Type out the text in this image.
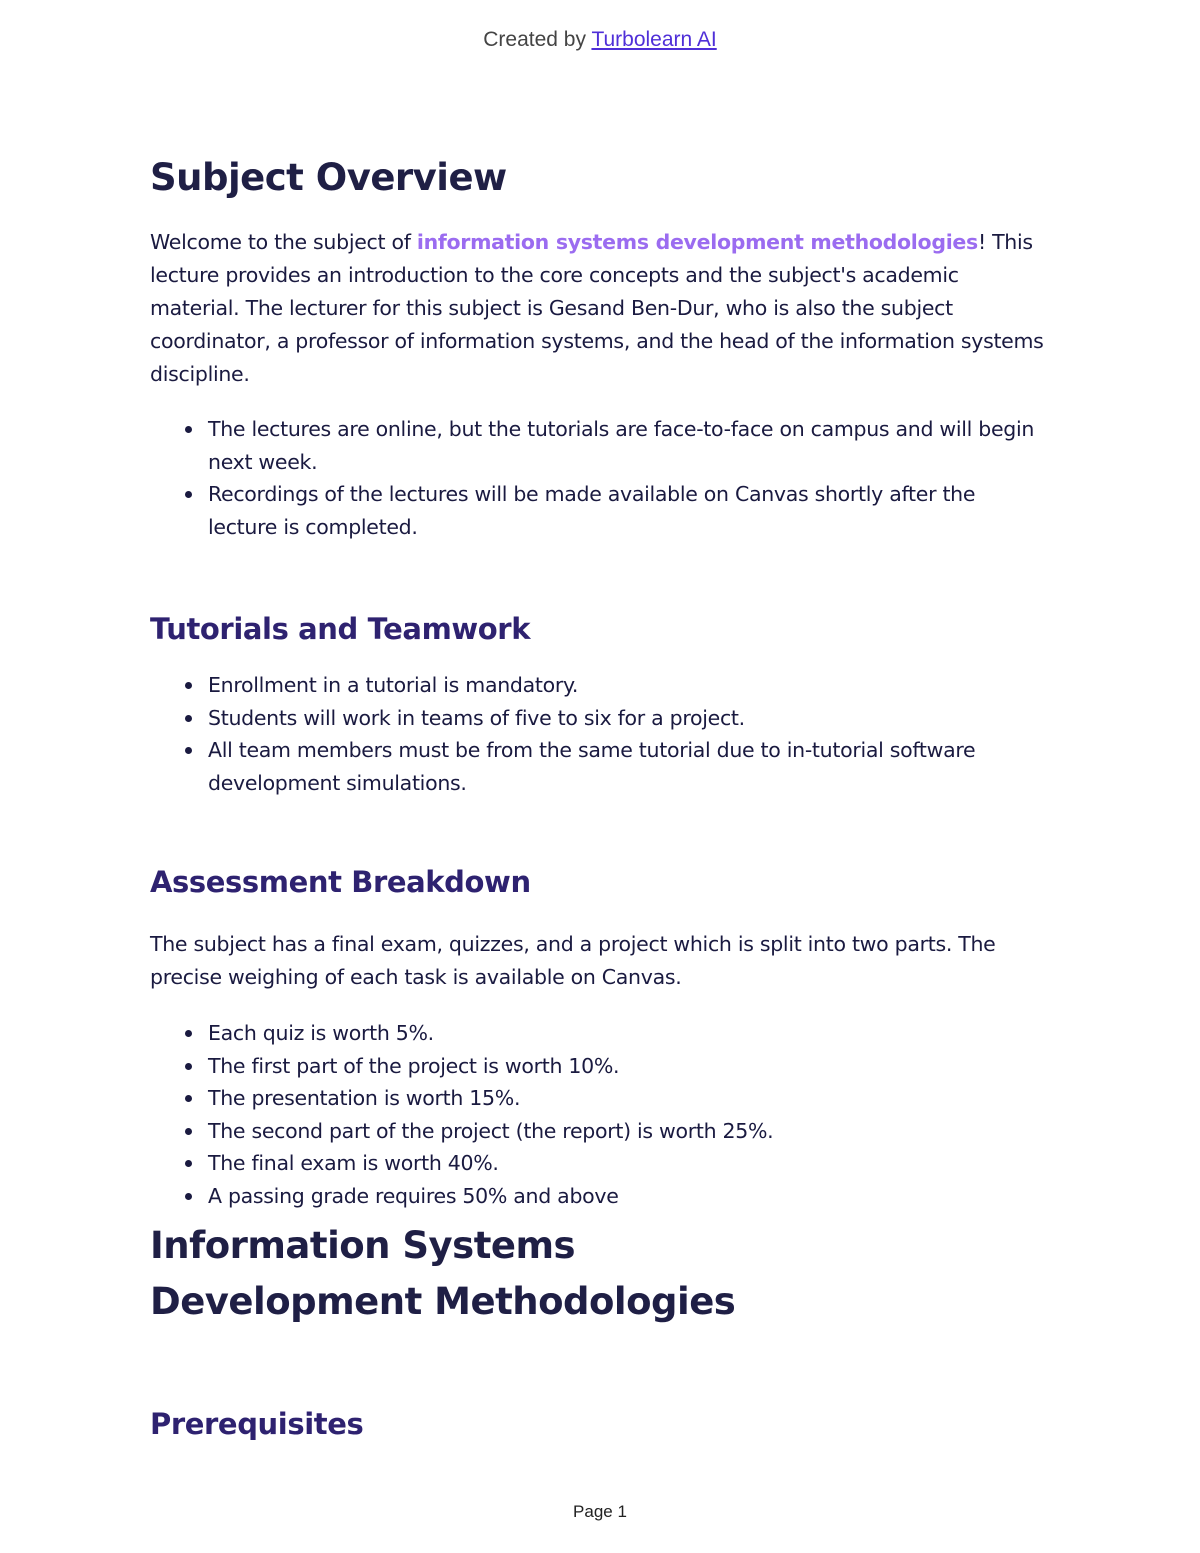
Created by Turbolearn AI
Subject Overview

Welcome to the subject of information systems development methodologies! This lecture provides an introduction to the core concepts and the subject's academic material. The lecturer for this subject is Gesand Ben-Dur, who is also the subject coordinator, a professor of information systems, and the head of the information systems discipline.

The lectures are online, but the tutorials are face-to-face on campus and will begin next week.
Recordings of the lectures will be made available on Canvas shortly after the lecture is completed.
Tutorials and Teamwork
Enrollment in a tutorial is mandatory.
Students will work in teams of five to six for a project.
All team members must be from the same tutorial due to in-tutorial software development simulations.
Assessment Breakdown

The subject has a final exam, quizzes, and a project which is split into two parts. The precise weighing of each task is available on Canvas.

Each quiz is worth 5%.
The first part of the project is worth 10%.
The presentation is worth 15%.
The second part of the project (the report) is worth 25%.
The final exam is worth 40%.
A passing grade requires 50% and above
Information Systems Development Methodologies
Prerequisites
Page 1
